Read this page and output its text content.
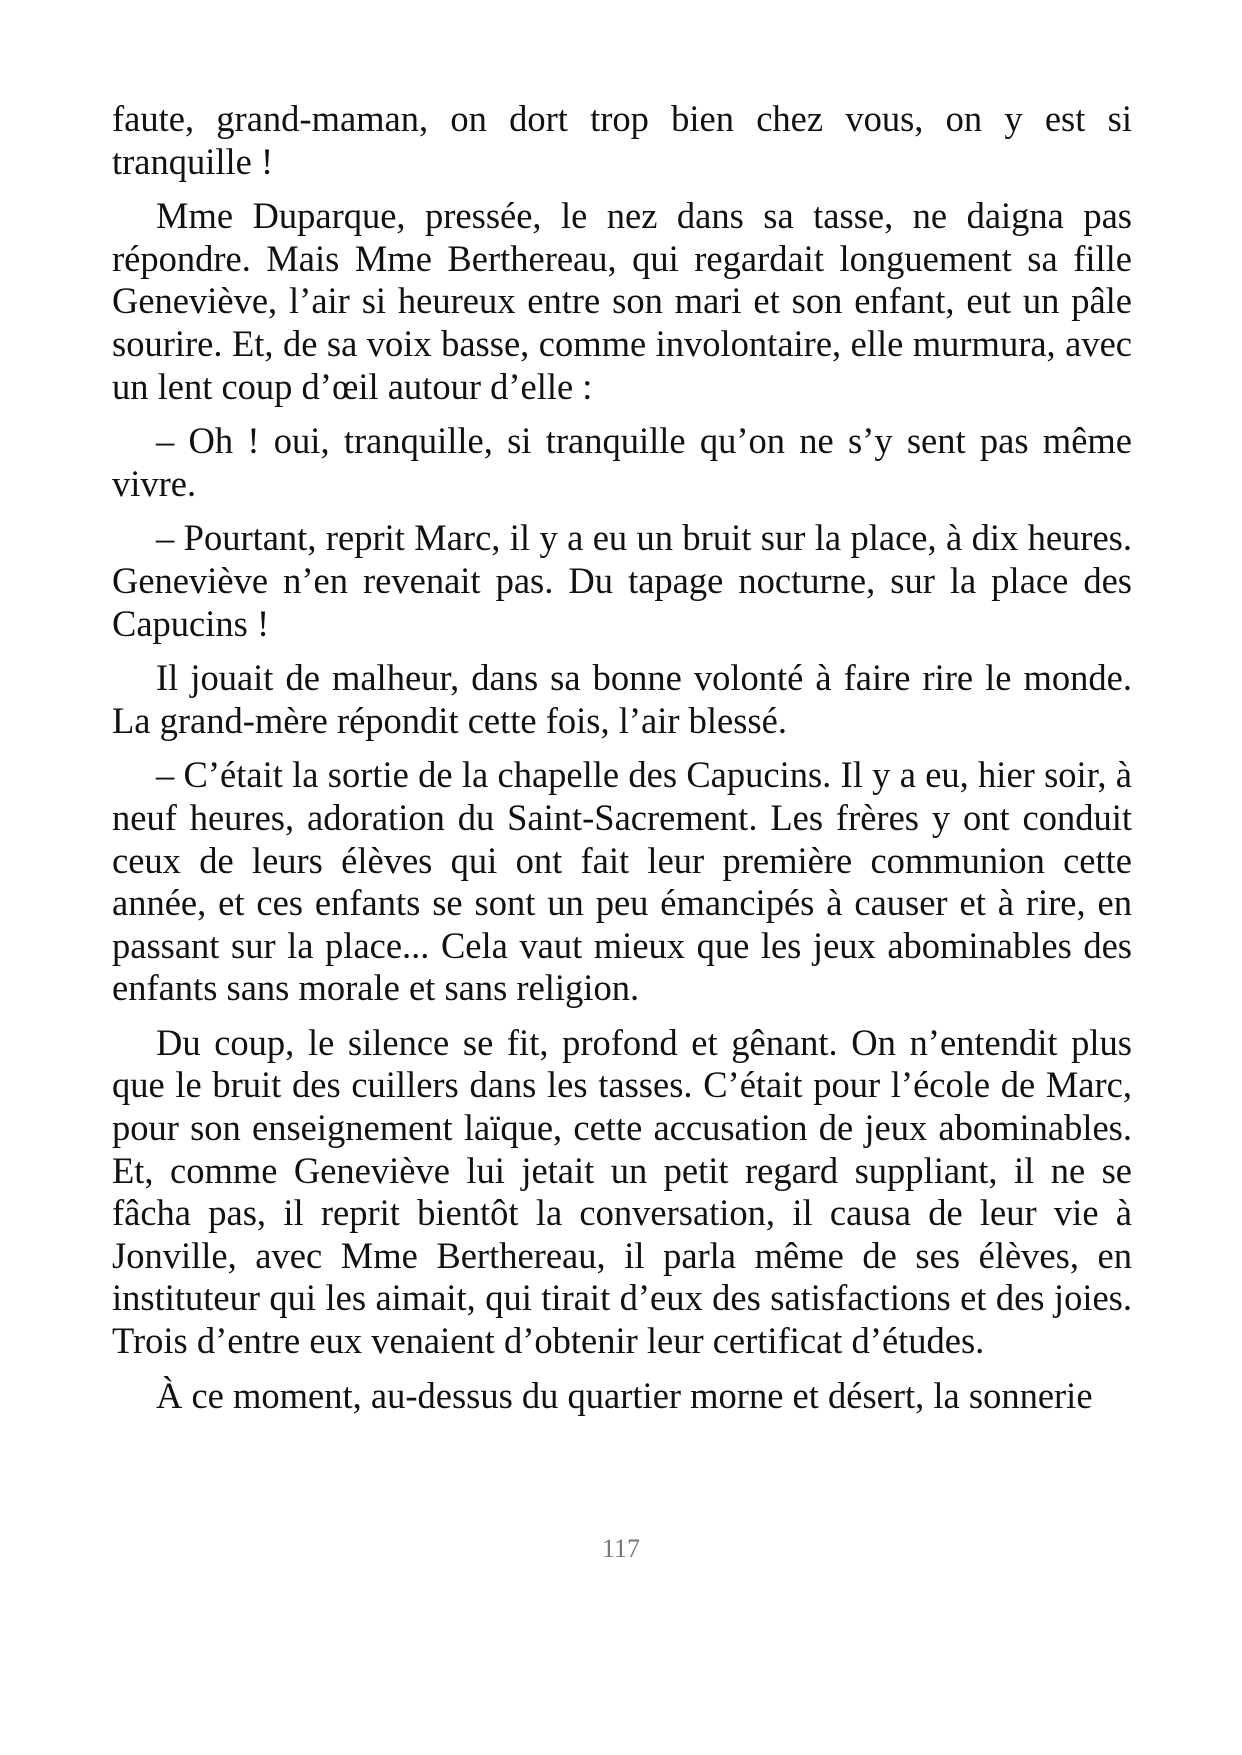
faute, grand-maman, on dort trop bien chez vous, on y est si tranquille !

Mme Duparque, pressée, le nez dans sa tasse, ne daigna pas répondre. Mais Mme Berthereau, qui regardait longuement sa fille Geneviève, l’air si heureux entre son mari et son enfant, eut un pâle sourire. Et, de sa voix basse, comme involontaire, elle murmura, avec un lent coup d’œil autour d’elle :

– Oh ! oui, tranquille, si tranquille qu’on ne s’y sent pas même vivre.

– Pourtant, reprit Marc, il y a eu un bruit sur la place, à dix heures. Geneviève n’en revenait pas. Du tapage nocturne, sur la place des Capucins !

Il jouait de malheur, dans sa bonne volonté à faire rire le monde. La grand-mère répondit cette fois, l’air blessé.

– C’était la sortie de la chapelle des Capucins. Il y a eu, hier soir, à neuf heures, adoration du Saint-Sacrement. Les frères y ont conduit ceux de leurs élèves qui ont fait leur première communion cette année, et ces enfants se sont un peu émancipés à causer et à rire, en passant sur la place... Cela vaut mieux que les jeux abominables des enfants sans morale et sans religion.

Du coup, le silence se fit, profond et gênant. On n’entendit plus que le bruit des cuillers dans les tasses. C’était pour l’école de Marc, pour son enseignement laïque, cette accusation de jeux abominables. Et, comme Geneviève lui jetait un petit regard suppliant, il ne se fâcha pas, il reprit bientôt la conversation, il causa de leur vie à Jonville, avec Mme Berthereau, il parla même de ses élèves, en instituteur qui les aimait, qui tirait d’eux des satisfactions et des joies. Trois d’entre eux venaient d’obtenir leur certificat d’études.

À ce moment, au-dessus du quartier morne et désert, la sonnerie

117
